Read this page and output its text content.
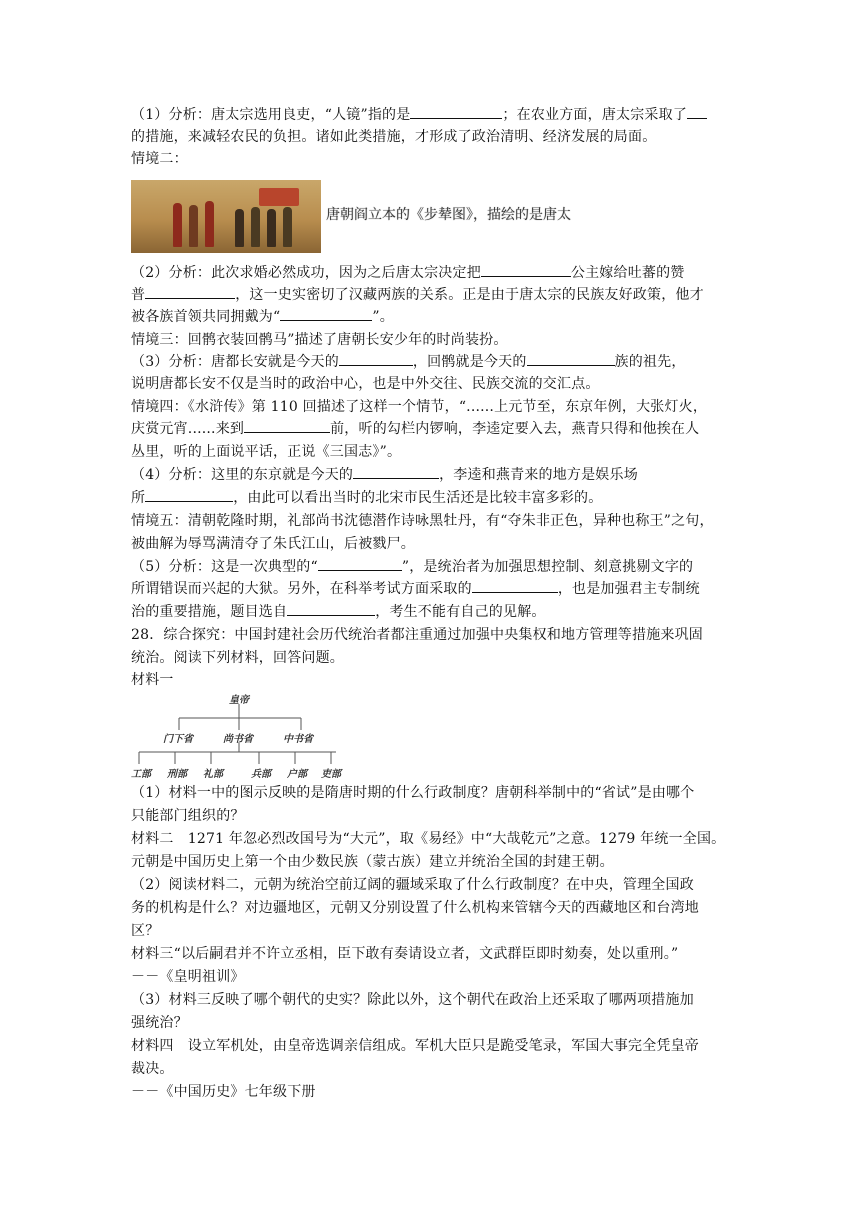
（1）分析：唐太宗选用良吏，“人镜”指的是	；在农业方面，唐太宗采取了
的措施，来减轻农民的负担。诸如此类措施，才形成了政治清明、经济发展的局面。
情境二：
唐朝阎立本的《步辇图》，描绘的是唐太
（2）分析：此次求婚必然成功，因为之后唐太宗决定把	公主嫁给吐蕃的赞
普	，这一史实密切了汉藏两族的关系。正是由于唐太宗的民族友好政策，他才
被各族首领共同拥戴为“	”。
情境三：回鹘衣装回鹘马”描述了唐朝长安少年的时尚装扮。
（3）分析：唐都长安就是今天的	，回鹘就是今天的	族的祖先，
说明唐都长安不仅是当时的政治中心，也是中外交往、民族交流的交汇点。
情境四：《水浒传》第 110 回描述了这样一个情节，“......上元节至，东京年例，大张灯火，
庆赏元宵......来到	前，听的勾栏内锣响，李逵定要入去，燕青只得和他挨在人
丛里，听的上面说平话，正说《三国志》”。
（4）分析：这里的东京就是今天的	，李逵和燕青来的地方是娱乐场
所	，由此可以看出当时的北宋市民生活还是比较丰富多彩的。
情境五：清朝乾隆时期，礼部尚书沈德潜作诗咏黑牡丹，有“夺朱非正色，异种也称王”之句，
被曲解为辱骂满清夺了朱氏江山，后被戮尸。
（5）分析：这是一次典型的“	”，是统治者为加强思想控制、刻意挑剔文字的
所谓错误而兴起的大狱。另外，在科举考试方面采取的	，也是加强君主专制统
治的重要措施，题目选自	，考生不能有自己的见解。
28．综合探究：中国封建社会历代统治者都注重通过加强中央集权和地方管理等措施来巩固
统治。阅读下列材料，回答问题。
材料一
皇帝
门下省	尚书省	中书省
工部 刑部 礼部	兵部 户部 吏部
（1）材料一中的图示反映的是隋唐时期的什么行政制度？唐朝科举制中的“省试”是由哪个
只能部门组织的？
材料二　1271 年忽必烈改国号为“大元”，取《易经》中“大哉乾元”之意。1279 年统一全国。
元朝是中国历史上第一个由少数民族（蒙古族）建立并统治全国的封建王朝。
（2）阅读材料二，元朝为统治空前辽阔的疆域采取了什么行政制度？在中央，管理全国政
务的机构是什么？对边疆地区，元朝又分别设置了什么机构来管辖今天的西藏地区和台湾地
区？
材料三“以后嗣君并不许立丞相，臣下敢有奏请设立者，文武群臣即时劾奏，处以重刑。”
－－《皇明祖训》
（3）材料三反映了哪个朝代的史实？除此以外，这个朝代在政治上还采取了哪两项措施加
强统治？
材料四　设立军机处，由皇帝选调亲信组成。军机大臣只是跪受笔录，军国大事完全凭皇帝
裁决。
－－《中国历史》七年级下册
